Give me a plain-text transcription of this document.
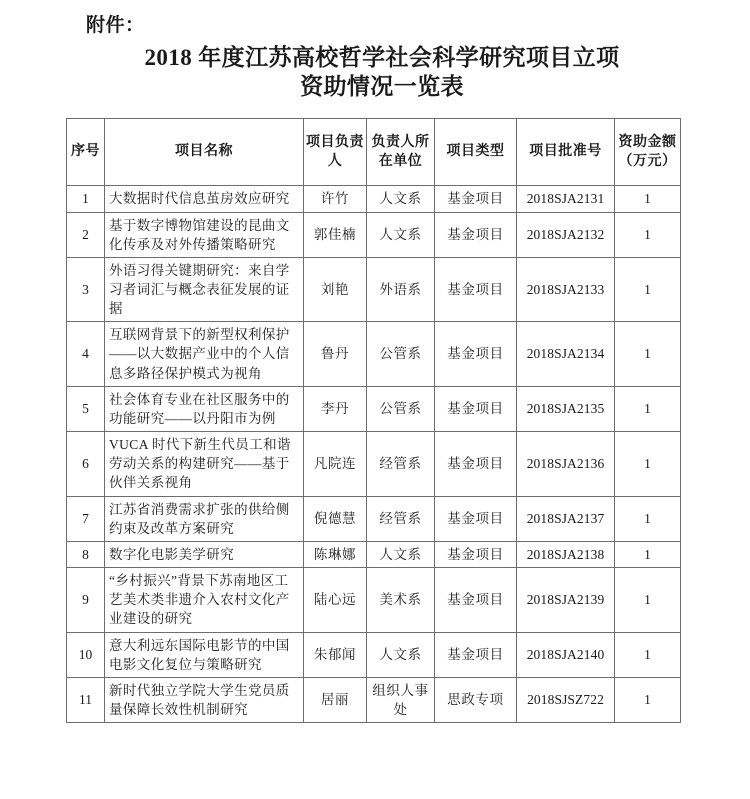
附件：
2018 年度江苏高校哲学社会科学研究项目立项
资助情况一览表
序号	项目名称	项目负责人	负责人所在单位	项目类型	项目批准号	资助金额（万元）
1	大数据时代信息茧房效应研究	许竹	人文系	基金项目	2018SJA2131	1
2	基于数字博物馆建设的昆曲文化传承及对外传播策略研究	郭佳楠	人文系	基金项目	2018SJA2132	1
3	外语习得关键期研究：来自学习者词汇与概念表征发展的证据	刘艳	外语系	基金项目	2018SJA2133	1
4	互联网背景下的新型权利保护——以大数据产业中的个人信息多路径保护模式为视角	鲁丹	公管系	基金项目	2018SJA2134	1
5	社会体育专业在社区服务中的功能研究——以丹阳市为例	李丹	公管系	基金项目	2018SJA2135	1
6	VUCA 时代下新生代员工和谐劳动关系的构建研究——基于伙伴关系视角	凡院连	经管系	基金项目	2018SJA2136	1
7	江苏省消费需求扩张的供给侧约束及改革方案研究	倪德慧	经管系	基金项目	2018SJA2137	1
8	数字化电影美学研究	陈琳娜	人文系	基金项目	2018SJA2138	1
9	“乡村振兴”背景下苏南地区工艺美术类非遗介入农村文化产业建设的研究	陆心远	美术系	基金项目	2018SJA2139	1
10	意大利远东国际电影节的中国电影文化复位与策略研究	朱郁闻	人文系	基金项目	2018SJA2140	1
11	新时代独立学院大学生党员质量保障长效性机制研究	居丽	组织人事处	思政专项	2018SJSZ722	1
